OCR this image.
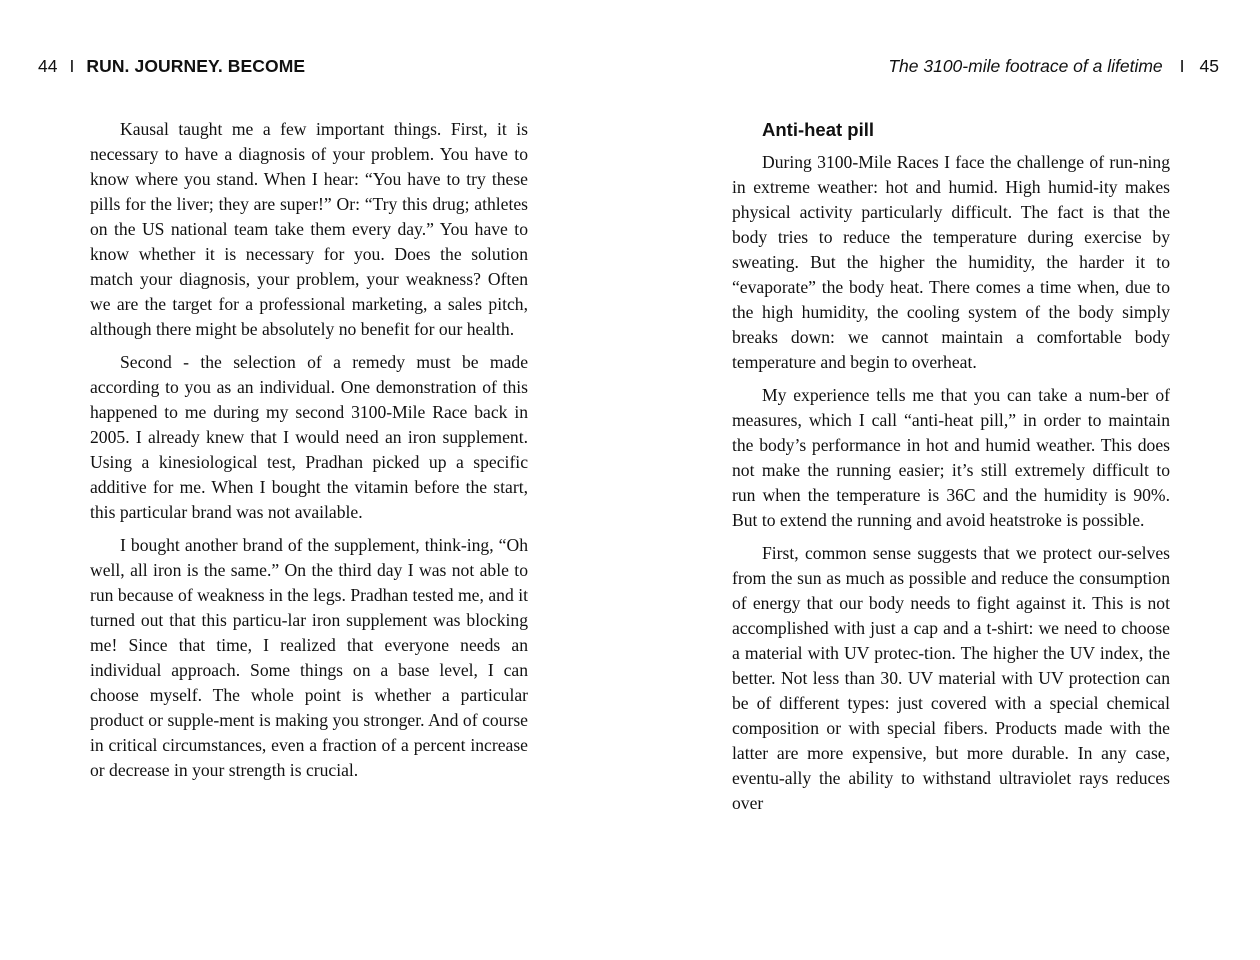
44 I RUN. JOURNEY. BECOME

Kausal taught me a few important things. First, it is necessary to have a diagnosis of your problem. You have to know where you stand. When I hear: “You have to try these pills for the liver; they are super!” Or: “Try this drug; athletes on the US national team take them every day.” You have to know whether it is necessary for you. Does the solution match your diagnosis, your problem, your weakness? Often we are the target for a professional marketing, a sales pitch, although there might be absolutely no benefit for our health.

Second - the selection of a remedy must be made according to you as an individual. One demonstration of this happened to me during my second 3100-Mile Race back in 2005. I already knew that I would need an iron supplement. Using a kinesiological test, Pradhan picked up a specific additive for me. When I bought the vitamin before the start, this particular brand was not available.

I bought another brand of the supplement, think-ing, “Oh well, all iron is the same.” On the third day I was not able to run because of weakness in the legs. Pradhan tested me, and it turned out that this particu-lar iron supplement was blocking me! Since that time, I realized that everyone needs an individual approach. Some things on a base level, I can choose myself. The whole point is whether a particular product or supple-ment is making you stronger. And of course in critical circumstances, even a fraction of a percent increase or decrease in your strength is crucial.

The 3100-mile footrace of a lifetime I 45

Anti-heat pill

During 3100-Mile Races I face the challenge of run-ning in extreme weather: hot and humid. High humid-ity makes physical activity particularly difficult. The fact is that the body tries to reduce the temperature during exercise by sweating. But the higher the humidity, the harder it to “evaporate” the body heat. There comes a time when, due to the high humidity, the cooling system of the body simply breaks down: we cannot maintain a comfortable body temperature and begin to overheat.

My experience tells me that you can take a num-ber of measures, which I call “anti-heat pill,” in order to maintain the body’s performance in hot and humid weather. This does not make the running easier; it’s still extremely difficult to run when the temperature is 36C and the humidity is 90%. But to extend the running and avoid heatstroke is possible.

First, common sense suggests that we protect our-selves from the sun as much as possible and reduce the consumption of energy that our body needs to fight against it. This is not accomplished with just a cap and a t-shirt: we need to choose a material with UV protec-tion. The higher the UV index, the better. Not less than 30. UV material with UV protection can be of different types: just covered with a special chemical composition or with special fibers. Products made with the latter are more expensive, but more durable. In any case, eventu-ally the ability to withstand ultraviolet rays reduces over
